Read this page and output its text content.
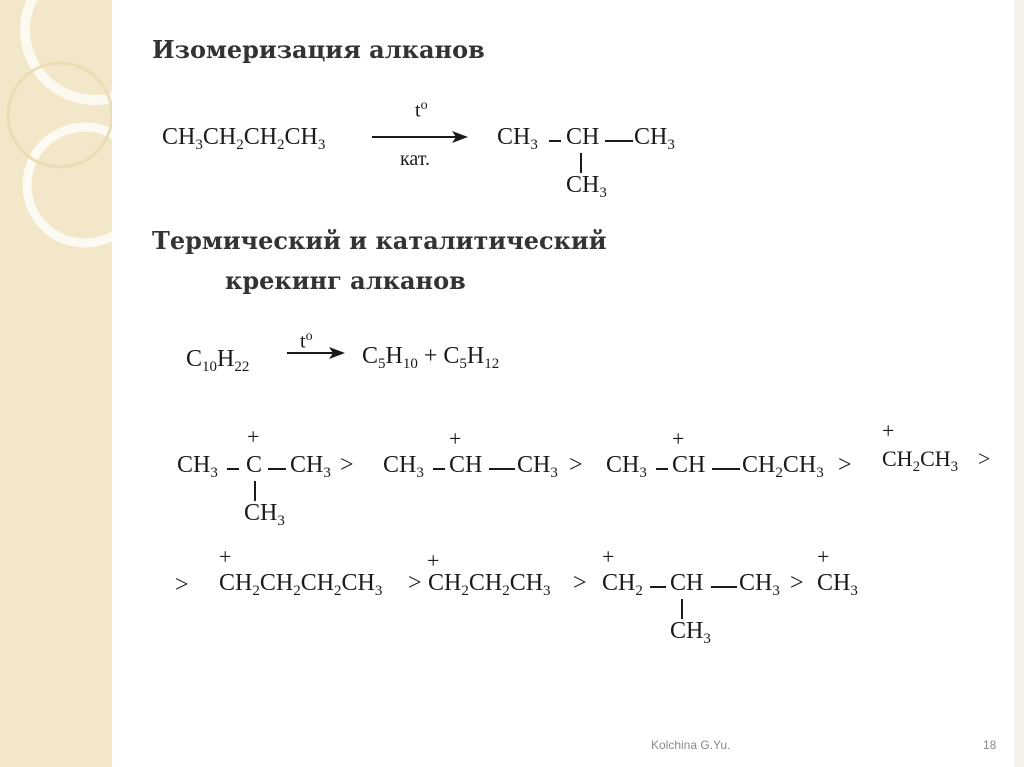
Изомеризация алканов
$CH_3CH_2CH_2CH_3$
$t^o$
кат.
$CH_3$ CH $CH_3$
$CH_3$
Термический и каталитический
крекинг алканов
$C_{10}H_{22}$
$t^o$
$C_5H_{10} + C_5H_{12}$
$CH_3$
+
C $CH_3$ >
$CH_3$
$CH_3$
+
CH $CH_3 > CH_3$
+
CH $CH_2CH_3$ >
+
$CH_2CH_3$ >
>
+
$CH_2CH_2CH_2CH_3$ >
+
$CH_2CH_2CH_3$ >
+
$CH_2$ CH $CH_3$ >
$CH_3$
+
$CH_3$
Kolchina G.Yu.	18
